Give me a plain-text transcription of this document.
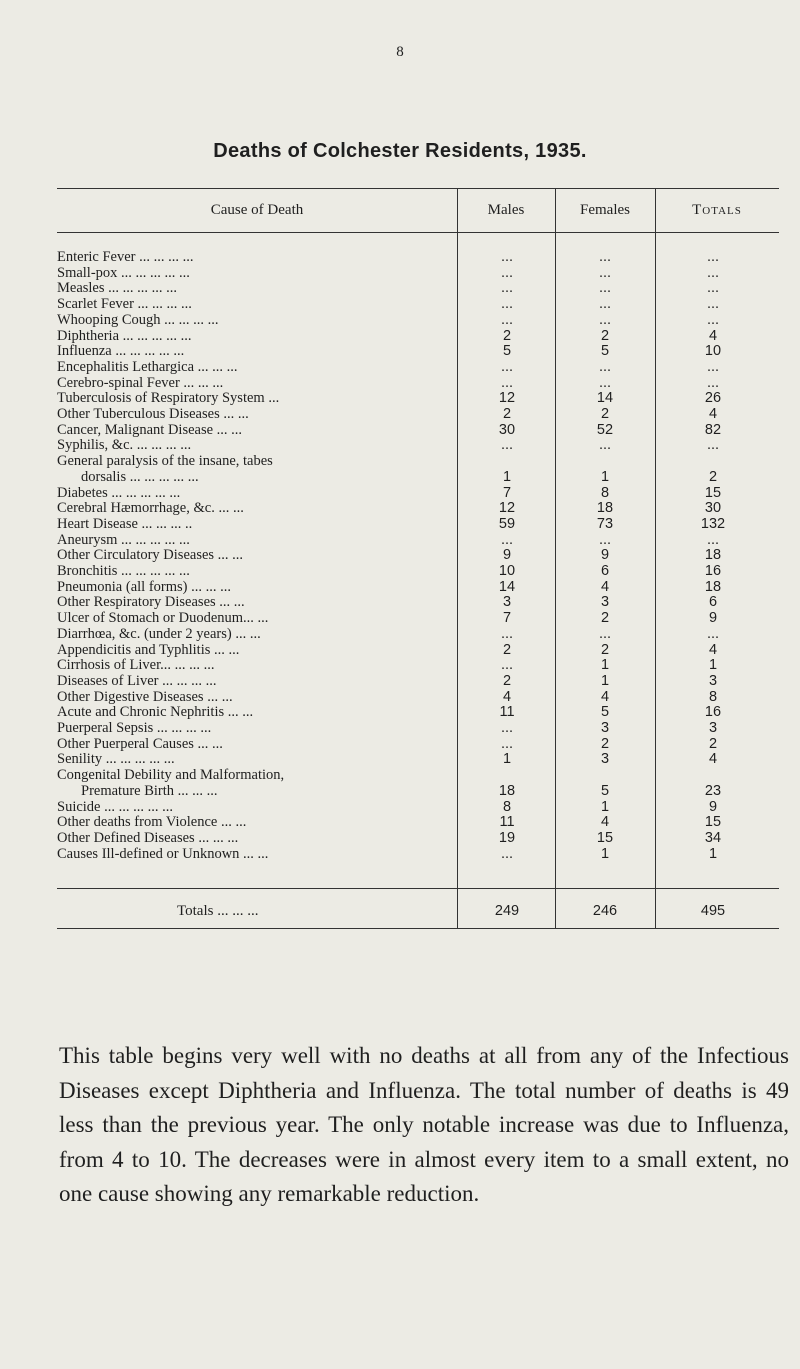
8
Deaths of Colchester Residents, 1935.
Cause of Death	Males	Females	Totals
Enteric Fever ... ... ... ...	...	...	...
Small-pox ... ... ... ... ...	...	...	...
Measles ... ... ... ... ...	...	...	...
Scarlet Fever ... ... ... ...	...	...	...
Whooping Cough ... ... ... ...	...	...	...
Diphtheria ... ... ... ... ...	2	2	4
Influenza ... ... ... ... ...	5	5	10
Encephalitis Lethargica ... ... ...	...	...	...
Cerebro-spinal Fever ... ... ...	...	...	...
Tuberculosis of Respiratory System ...	12	14	26
Other Tuberculous Diseases ... ...	2	2	4
Cancer, Malignant Disease ... ...	30	52	82
Syphilis, &c. ... ... ... ...	...	...	...
General paralysis of the insane, tabes
dorsalis ... ... ... ... ...	1	1	2
Diabetes ... ... ... ... ...	7	8	15
Cerebral Hæmorrhage, &c. ... ...	12	18	30
Heart Disease ... ... ... ..	59	73	132
Aneurysm ... ... ... ... ...	...	...	...
Other Circulatory Diseases ... ...	9	9	18
Bronchitis ... ... ... ... ...	10	6	16
Pneumonia (all forms) ... ... ...	14	4	18
Other Respiratory Diseases ... ...	3	3	6
Ulcer of Stomach or Duodenum... ...	7	2	9
Diarrhœa, &c. (under 2 years) ... ...	...	...	...
Appendicitis and Typhlitis ... ...	2	2	4
Cirrhosis of Liver... ... ... ...	...	1	1
Diseases of Liver ... ... ... ...	2	1	3
Other Digestive Diseases ... ...	4	4	8
Acute and Chronic Nephritis ... ...	11	5	16
Puerperal Sepsis ... ... ... ...	...	3	3
Other Puerperal Causes ... ...	...	2	2
Senility ... ... ... ... ...	1	3	4
Congenital Debility and Malformation,
Premature Birth ... ... ...	18	5	23
Suicide ... ... ... ... ...	8	1	9
Other deaths from Violence ... ...	11	4	15
Other Defined Diseases ... ... ...	19	15	34
Causes Ill-defined or Unknown ... ...	...	1	1
Totals ... ... ...	249	246	495

This table begins very well with no deaths at all from any of the Infectious Diseases except Diphtheria and Influenza. The total number of deaths is 49 less than the previous year. The only notable increase was due to Influenza, from 4 to 10. The decreases were in almost every item to a small extent, no one cause showing any remarkable reduction.
